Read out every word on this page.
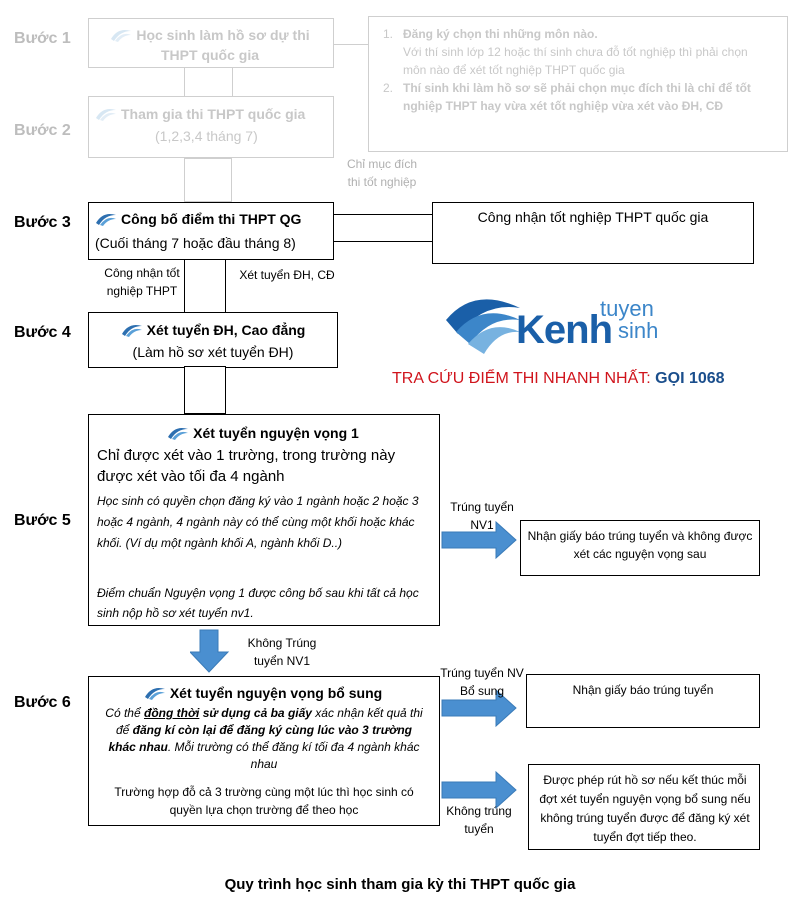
Bước 1
Bước 2
Bước 3
Bước 4
Bước 5
Bước 6
Học sinh làm hồ sơ dự thi THPT quốc gia
Tham gia thi THPT quốc gia
(1,2,3,4 tháng 7)
1. Đăng ký chọn thi những môn nào.
Với thí sinh lớp 12 hoặc thí sinh chưa đỗ tốt nghiệp thì phải chọn môn nào để xét tốt nghiệp THPT quốc gia
2. Thí sinh khi làm hồ sơ sẽ phải chọn mục đích thi là chỉ để tốt nghiệp THPT hay vừa xét tốt nghiệp vừa xét vào ĐH, CĐ
Chỉ mục đích thi tốt nghiệp
Công bố điểm thi THPT QG
(Cuối tháng 7 hoặc đầu tháng 8)
Công nhận tốt nghiệp THPT quốc gia
Công nhận tốt nghiệp THPT
Xét tuyển ĐH, CĐ
Xét tuyển ĐH, Cao đẳng
(Làm hồ sơ xét tuyển ĐH)
tuyen
Kenh sinh
TRA CỨU ĐIỂM THI NHANH NHẤT: GỌI 1068
Xét tuyển nguyện vọng 1
Chỉ được xét vào 1 trường, trong trường này được xét vào tối đa 4 ngành
Học sinh có quyền chọn đăng ký vào 1 ngành hoặc 2 hoặc 3 hoặc 4 ngành, 4 ngành này có thể cùng một khối hoặc khác khối. (Ví dụ một ngành khối A, ngành khối D..)
Điểm chuẩn Nguyện vọng 1 được công bố sau khi tất cả học sinh nộp hồ sơ xét tuyển nv1.
Trúng tuyển NV1
Nhận giấy báo trúng tuyển và không được xét các nguyện vọng sau
Không Trúng tuyển NV1
Xét tuyển nguyện vọng bổ sung
Có thể đồng thời sử dụng cả ba giấy xác nhận kết quả thi để đăng kí còn lại để đăng ký cùng lúc vào 3 trường khác nhau. Mỗi trường có thể đăng kí tối đa 4 ngành khác nhau
Trường hợp đỗ cả 3 trường cùng một lúc thì học sinh có quyền lựa chọn trường để theo học
Trúng tuyển NV Bổ sung	Nhận giấy báo trúng tuyển
Không trúng tuyển
Được phép rút hồ sơ nếu kết thúc mỗi đợt xét tuyển nguyện vọng bổ sung nếu không trúng tuyển được để đăng ký xét tuyển đợt tiếp theo.
Quy trình học sinh tham gia kỳ thi THPT quốc gia
